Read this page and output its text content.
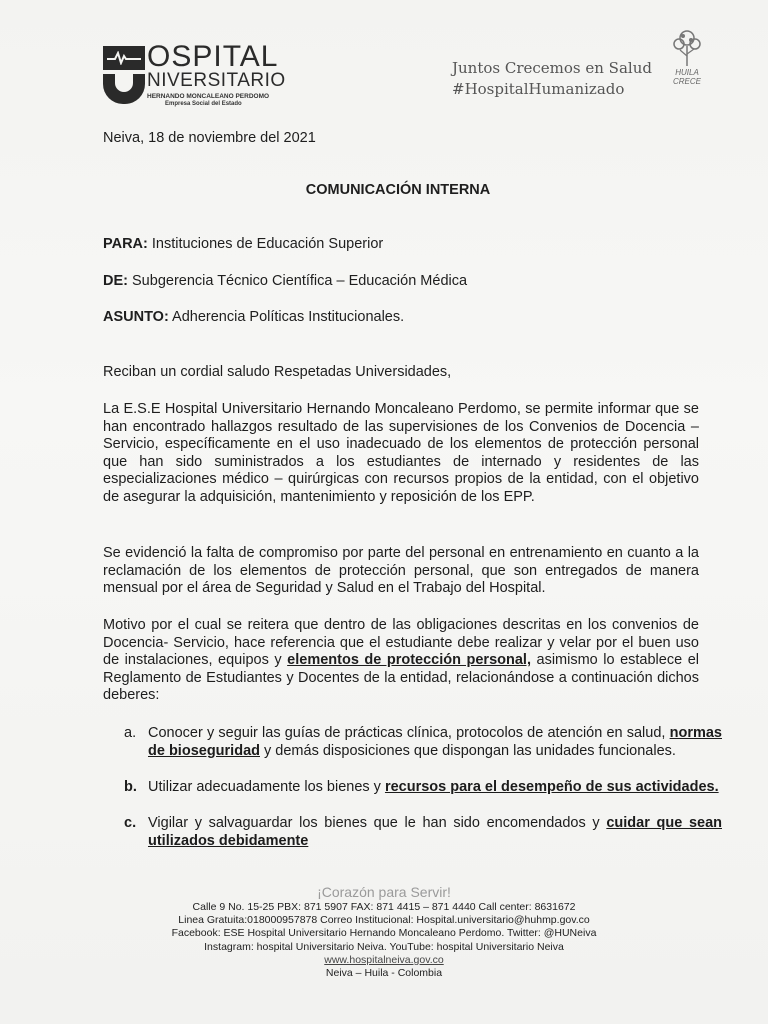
OSPITAL
NIVERSITARIO
HERNANDO MONCALEANO PERDOMO
Empresa Social del Estado
Juntos Crecemos en Salud
#HospitalHumanizado
HUILA
CRECE
Neiva, 18 de noviembre del 2021
COMUNICACIÓN INTERNA
PARA: Instituciones de Educación Superior
DE: Subgerencia Técnico Científica – Educación Médica
ASUNTO: Adherencia Políticas Institucionales.
Reciban un cordial saludo Respetadas Universidades,
La E.S.E Hospital Universitario Hernando Moncaleano Perdomo, se permite informar que se han encontrado hallazgos resultado de las supervisiones de los Convenios de Docencia – Servicio, específicamente en el uso inadecuado de los elementos de protección personal que han sido suministrados a los estudiantes de internado y residentes de las especializaciones médico – quirúrgicas con recursos propios de la entidad, con el objetivo de asegurar la adquisición, mantenimiento y reposición de los EPP.
Se evidenció la falta de compromiso por parte del personal en entrenamiento en cuanto a la reclamación de los elementos de protección personal, que son entregados de manera mensual por el área de Seguridad y Salud en el Trabajo del Hospital.
Motivo por el cual se reitera que dentro de las obligaciones descritas en los convenios de Docencia- Servicio, hace referencia que el estudiante debe realizar y velar por el buen uso de instalaciones, equipos y elementos de protección personal, asimismo lo establece el Reglamento de Estudiantes y Docentes de la entidad, relacionándose a continuación dichos deberes:
a. Conocer y seguir las guías de prácticas clínica, protocolos de atención en salud, normas de bioseguridad y demás disposiciones que dispongan las unidades funcionales.
b. Utilizar adecuadamente los bienes y recursos para el desempeño de sus actividades.
c. Vigilar y salvaguardar los bienes que le han sido encomendados y cuidar que sean utilizados debidamente
¡Corazón para Servir!
Calle 9 No. 15-25 PBX: 871 5907 FAX: 871 4415 – 871 4440 Call center: 8631672
Linea Gratuita:018000957878 Correo Institucional: Hospital.universitario@huhmp.gov.co
Facebook: ESE Hospital Universitario Hernando Moncaleano Perdomo. Twitter: @HUNeiva
Instagram: hospital Universitario Neiva. YouTube: hospital Universitario Neiva
www.hospitalneiva.gov.co
Neiva – Huila - Colombia
